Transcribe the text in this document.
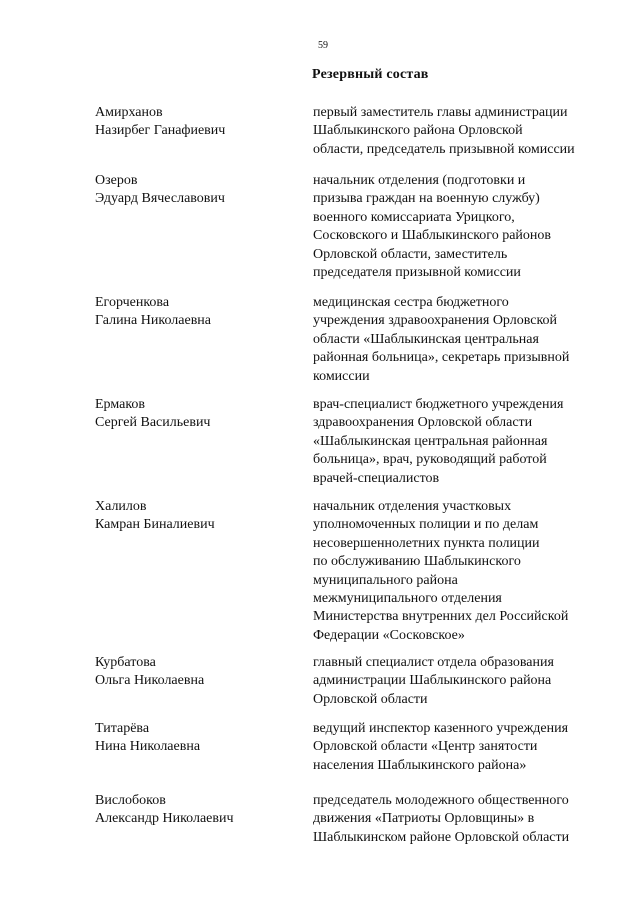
59
Резервный состав
Амирханов
Назирбег Ганафиевич
первый заместитель главы администрации
Шаблыкинского района Орловской
области, председатель призывной комиссии
Озеров
Эдуард Вячеславович
начальник отделения (подготовки и
призыва граждан на военную службу)
военного комиссариата Урицкого,
Сосковского и Шаблыкинского районов
Орловской области, заместитель
председателя призывной комиссии
Егорченкова
Галина Николаевна
медицинская сестра бюджетного
учреждения здравоохранения Орловской
области «Шаблыкинская центральная
районная больница», секретарь призывной
комиссии
Ермаков
Сергей Васильевич
врач-специалист бюджетного учреждения
здравоохранения Орловской области
«Шаблыкинская центральная районная
больница», врач, руководящий работой
врачей-специалистов
Халилов
Камран Биналиевич
начальник отделения участковых
уполномоченных полиции и по делам
несовершеннолетних пункта полиции
по обслуживанию Шаблыкинского
муниципального района
межмуниципального отделения
Министерства внутренних дел Российской
Федерации «Сосковское»
Курбатова
Ольга Николаевна
главный специалист отдела образования
администрации Шаблыкинского района
Орловской области
Титарёва
Нина Николаевна
ведущий инспектор казенного учреждения
Орловской области «Центр занятости
населения Шаблыкинского района»
Вислобоков
Александр Николаевич
председатель молодежного общественного
движения «Патриоты Орловщины» в
Шаблыкинском районе Орловской области
